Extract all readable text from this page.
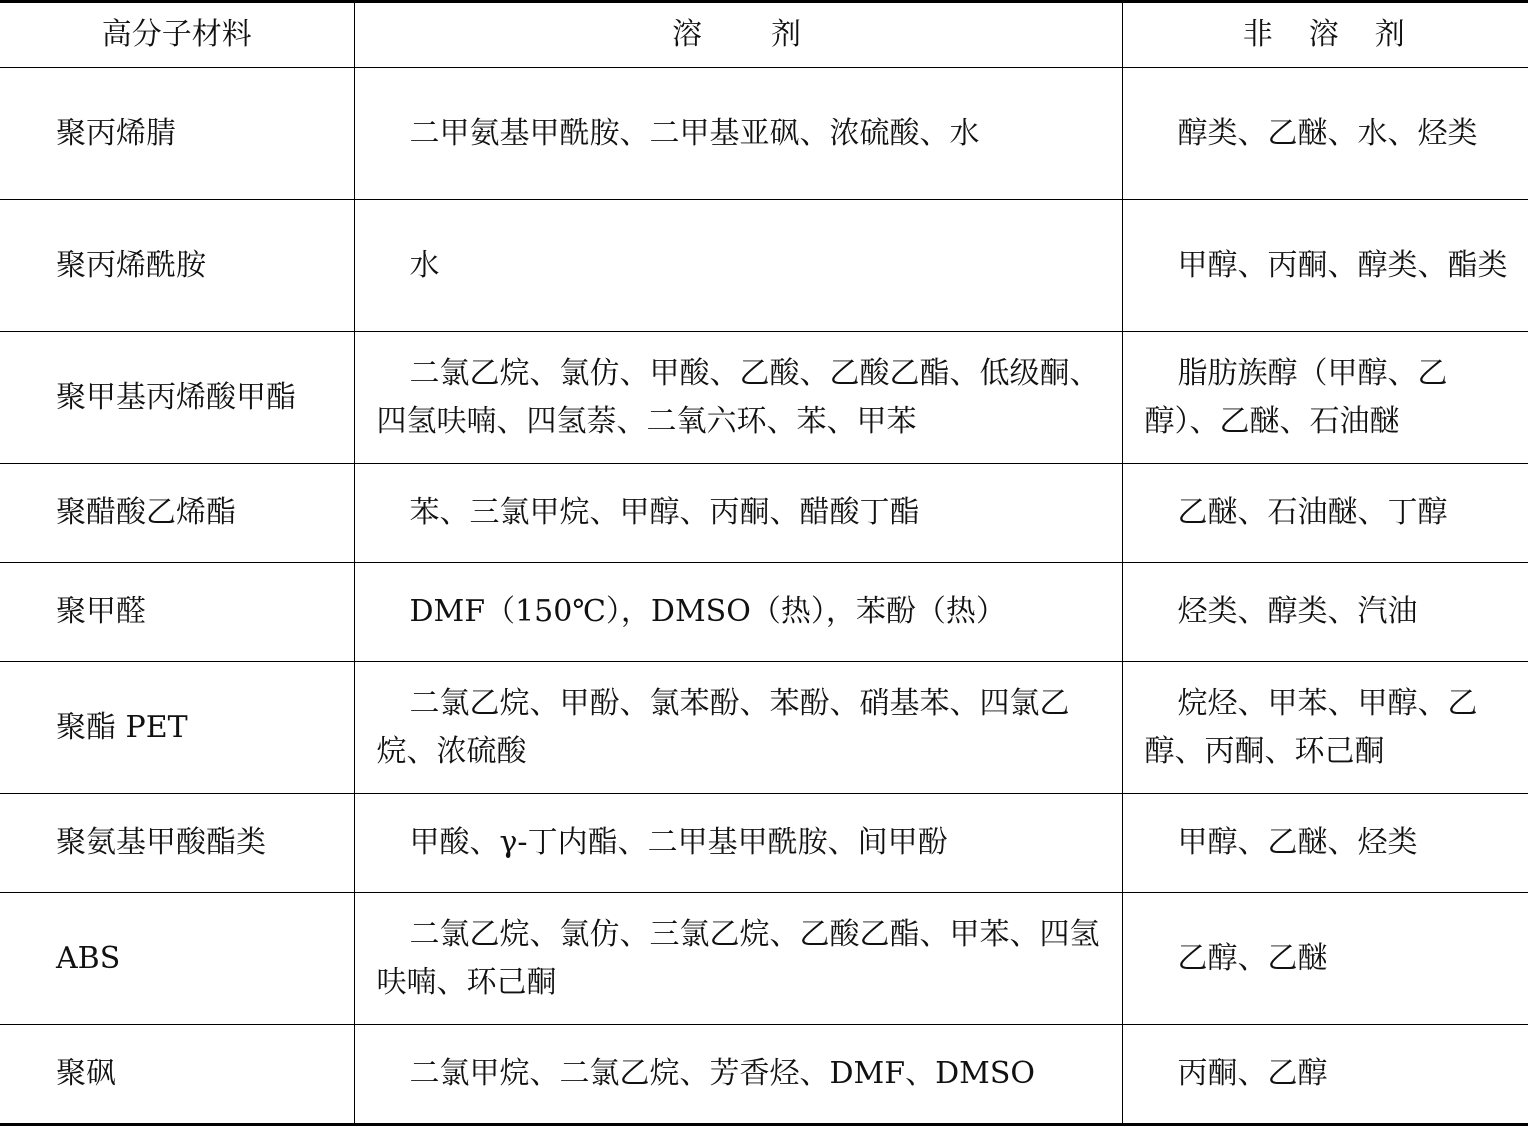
高分子材料	溶　　剂	非　溶　剂

聚丙烯腈	二甲氨基甲酰胺、二甲基亚砜、浓硫酸、水	醇类、乙醚、水、烃类

聚丙烯酰胺	水	甲醇、丙酮、醇类、酯类

聚甲基丙烯酸甲酯	二氯乙烷、氯仿、甲酸、乙酸、乙酸乙酯、低级酮、四氢呋喃、四氢萘、二氧六环、苯、甲苯	脂肪族醇（甲醇、乙醇）、乙醚、石油醚

聚醋酸乙烯酯	苯、三氯甲烷、甲醇、丙酮、醋酸丁酯	乙醚、石油醚、丁醇

聚甲醛	DMF（150℃），DMSO（热），苯酚（热）	烃类、醇类、汽油

聚酯 PET	二氯乙烷、甲酚、氯苯酚、苯酚、硝基苯、四氯乙烷、浓硫酸	烷烃、甲苯、甲醇、乙醇、丙酮、环己酮

聚氨基甲酸酯类	甲酸、γ-丁内酯、二甲基甲酰胺、间甲酚	甲醇、乙醚、烃类

ABS	二氯乙烷、氯仿、三氯乙烷、乙酸乙酯、甲苯、四氢呋喃、环己酮	乙醇、乙醚

聚砜	二氯甲烷、二氯乙烷、芳香烃、DMF、DMSO	丙酮、乙醇
